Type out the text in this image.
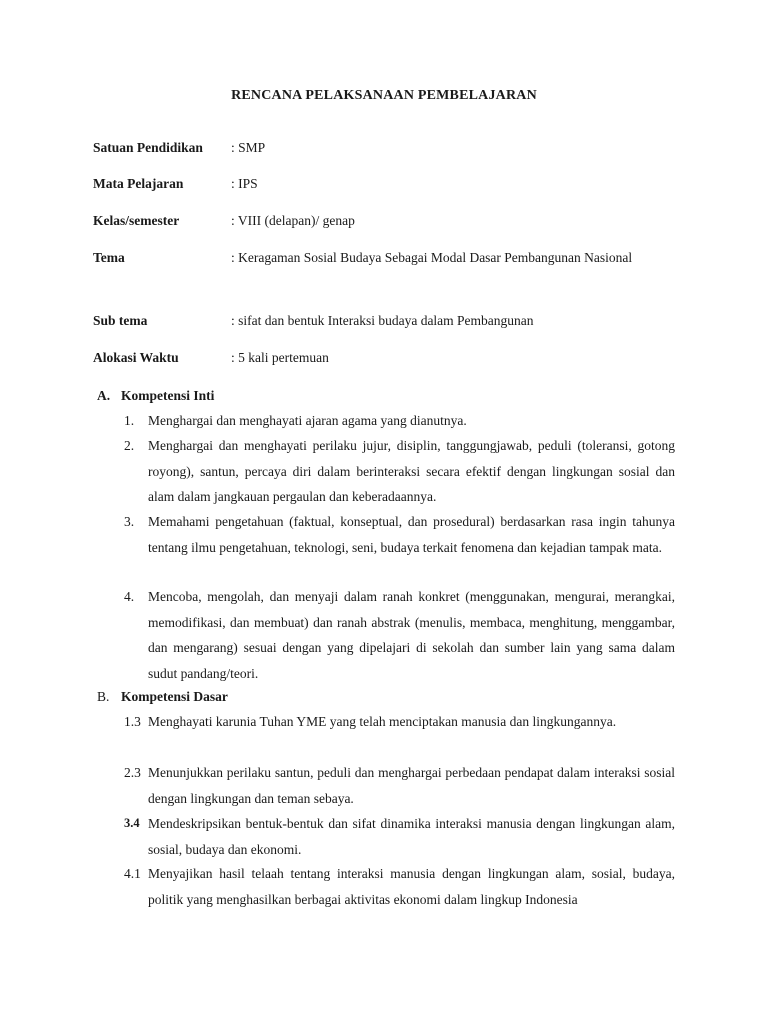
RENCANA PELAKSANAAN PEMBELAJARAN
Satuan Pendidikan : SMP
Mata Pelajaran	: IPS
Kelas/semester	: VIII (delapan)/ genap
Tema	: Keragaman Sosial Budaya Sebagai Modal Dasar Pembangunan Nasional
Sub tema	: sifat dan bentuk Interaksi budaya dalam Pembangunan
Alokasi Waktu	: 5 kali pertemuan
A. Kompetensi Inti
1. Menghargai dan menghayati ajaran agama yang dianutnya.
2. Menghargai dan menghayati perilaku jujur, disiplin, tanggungjawab, peduli (toleransi, gotong royong), santun, percaya diri dalam berinteraksi secara efektif dengan lingkungan sosial dan alam dalam jangkauan pergaulan dan keberadaannya.
3. Memahami pengetahuan (faktual, konseptual, dan prosedural) berdasarkan rasa ingin tahunya tentang ilmu pengetahuan, teknologi, seni, budaya terkait fenomena dan kejadian tampak mata.
4. Mencoba, mengolah, dan menyaji dalam ranah konkret (menggunakan, mengurai, merangkai, memodifikasi, dan membuat) dan ranah abstrak (menulis, membaca, menghitung, menggambar, dan mengarang) sesuai dengan yang dipelajari di sekolah dan sumber lain yang sama dalam sudut pandang/teori.
B. Kompetensi Dasar
1.3 Menghayati karunia Tuhan YME yang telah menciptakan manusia dan lingkungannya.
2.3 Menunjukkan perilaku santun, peduli dan menghargai perbedaan pendapat dalam interaksi sosial dengan lingkungan dan teman sebaya.
3.4 Mendeskripsikan bentuk-bentuk dan sifat dinamika interaksi manusia dengan lingkungan alam, sosial, budaya dan ekonomi.
4.1 Menyajikan hasil telaah tentang interaksi manusia dengan lingkungan alam, sosial, budaya, politik yang menghasilkan berbagai aktivitas ekonomi dalam lingkup Indonesia
